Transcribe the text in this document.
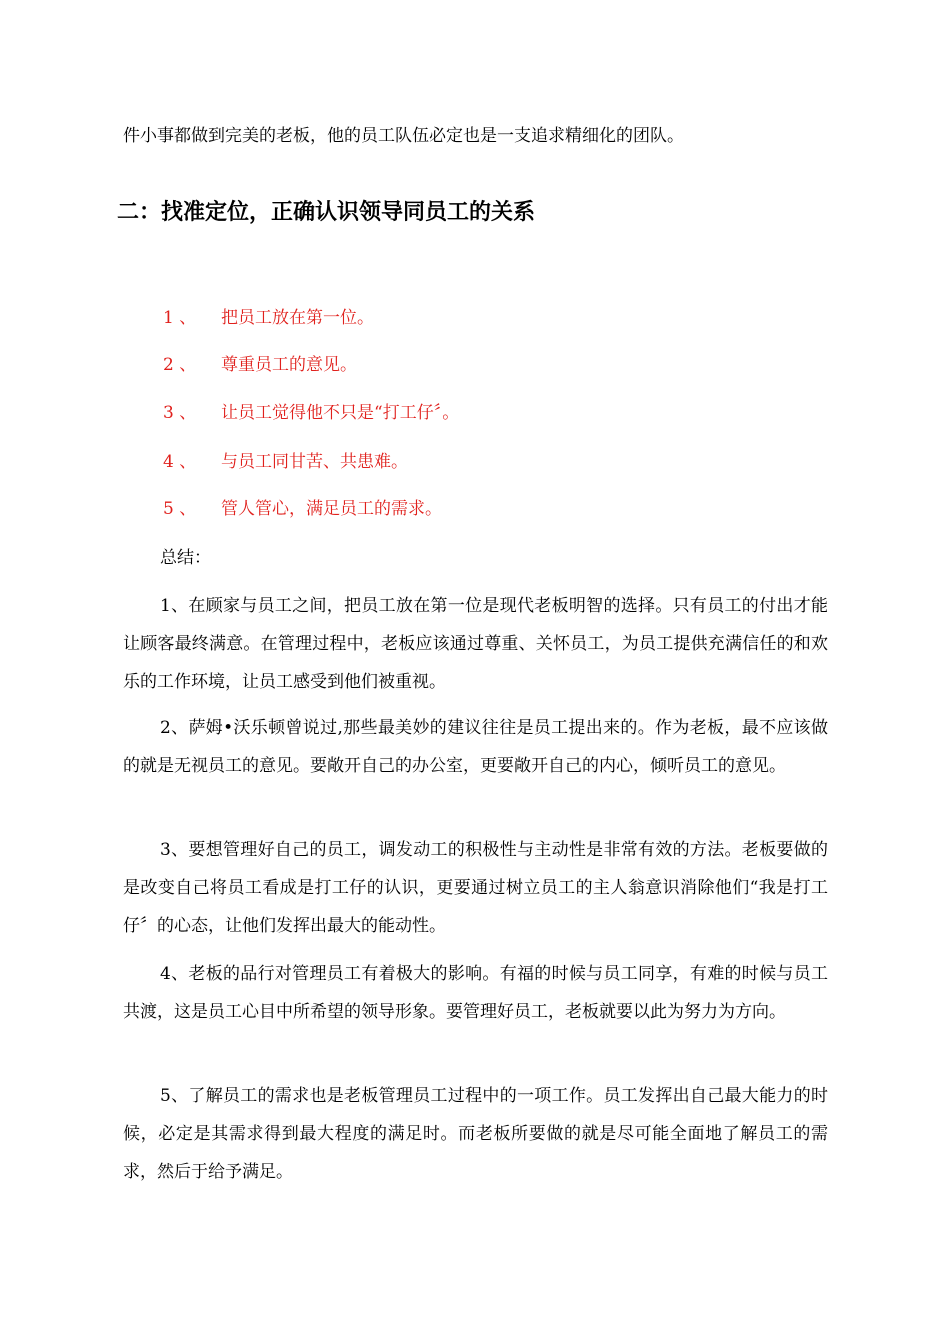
件小事都做到完美的老板，他的员工队伍必定也是一支追求精细化的团队。
二：找准定位，正确认识领导同员工的关系
1 、 把员工放在第一位。
2 、 尊重员工的意见。
3 、 让员工觉得他不只是“打工仔〞。
4 、 与员工同甘苦、共患难。
5 、 管人管心，满足员工的需求。
总结：

1、在顾家与员工之间，把员工放在第一位是现代老板明智的选择。只有员工的付出才能让顾客最终满意。在管理过程中，老板应该通过尊重、关怀员工，为员工提供充满信任的和欢乐的工作环境，让员工感受到他们被重视。

2、萨姆•沃乐顿曾说过,那些最美妙的建议往往是员工提出来的。作为老板，最不应该做的就是无视员工的意见。要敞开自己的办公室，更要敞开自己的内心，倾听员工的意见。

3、要想管理好自己的员工，调发动工的积极性与主动性是非常有效的方法。老板要做的是改变自己将员工看成是打工仔的认识，更要通过树立员工的主人翁意识消除他们“我是打工仔〞的心态，让他们发挥出最大的能动性。

4、老板的品行对管理员工有着极大的影响。有福的时候与员工同享，有难的时候与员工共渡，这是员工心目中所希望的领导形象。要管理好员工，老板就要以此为努力为方向。

5、了解员工的需求也是老板管理员工过程中的一项工作。员工发挥出自己最大能力的时候，必定是其需求得到最大程度的满足时。而老板所要做的就是尽可能全面地了解员工的需求，然后于给予满足。
